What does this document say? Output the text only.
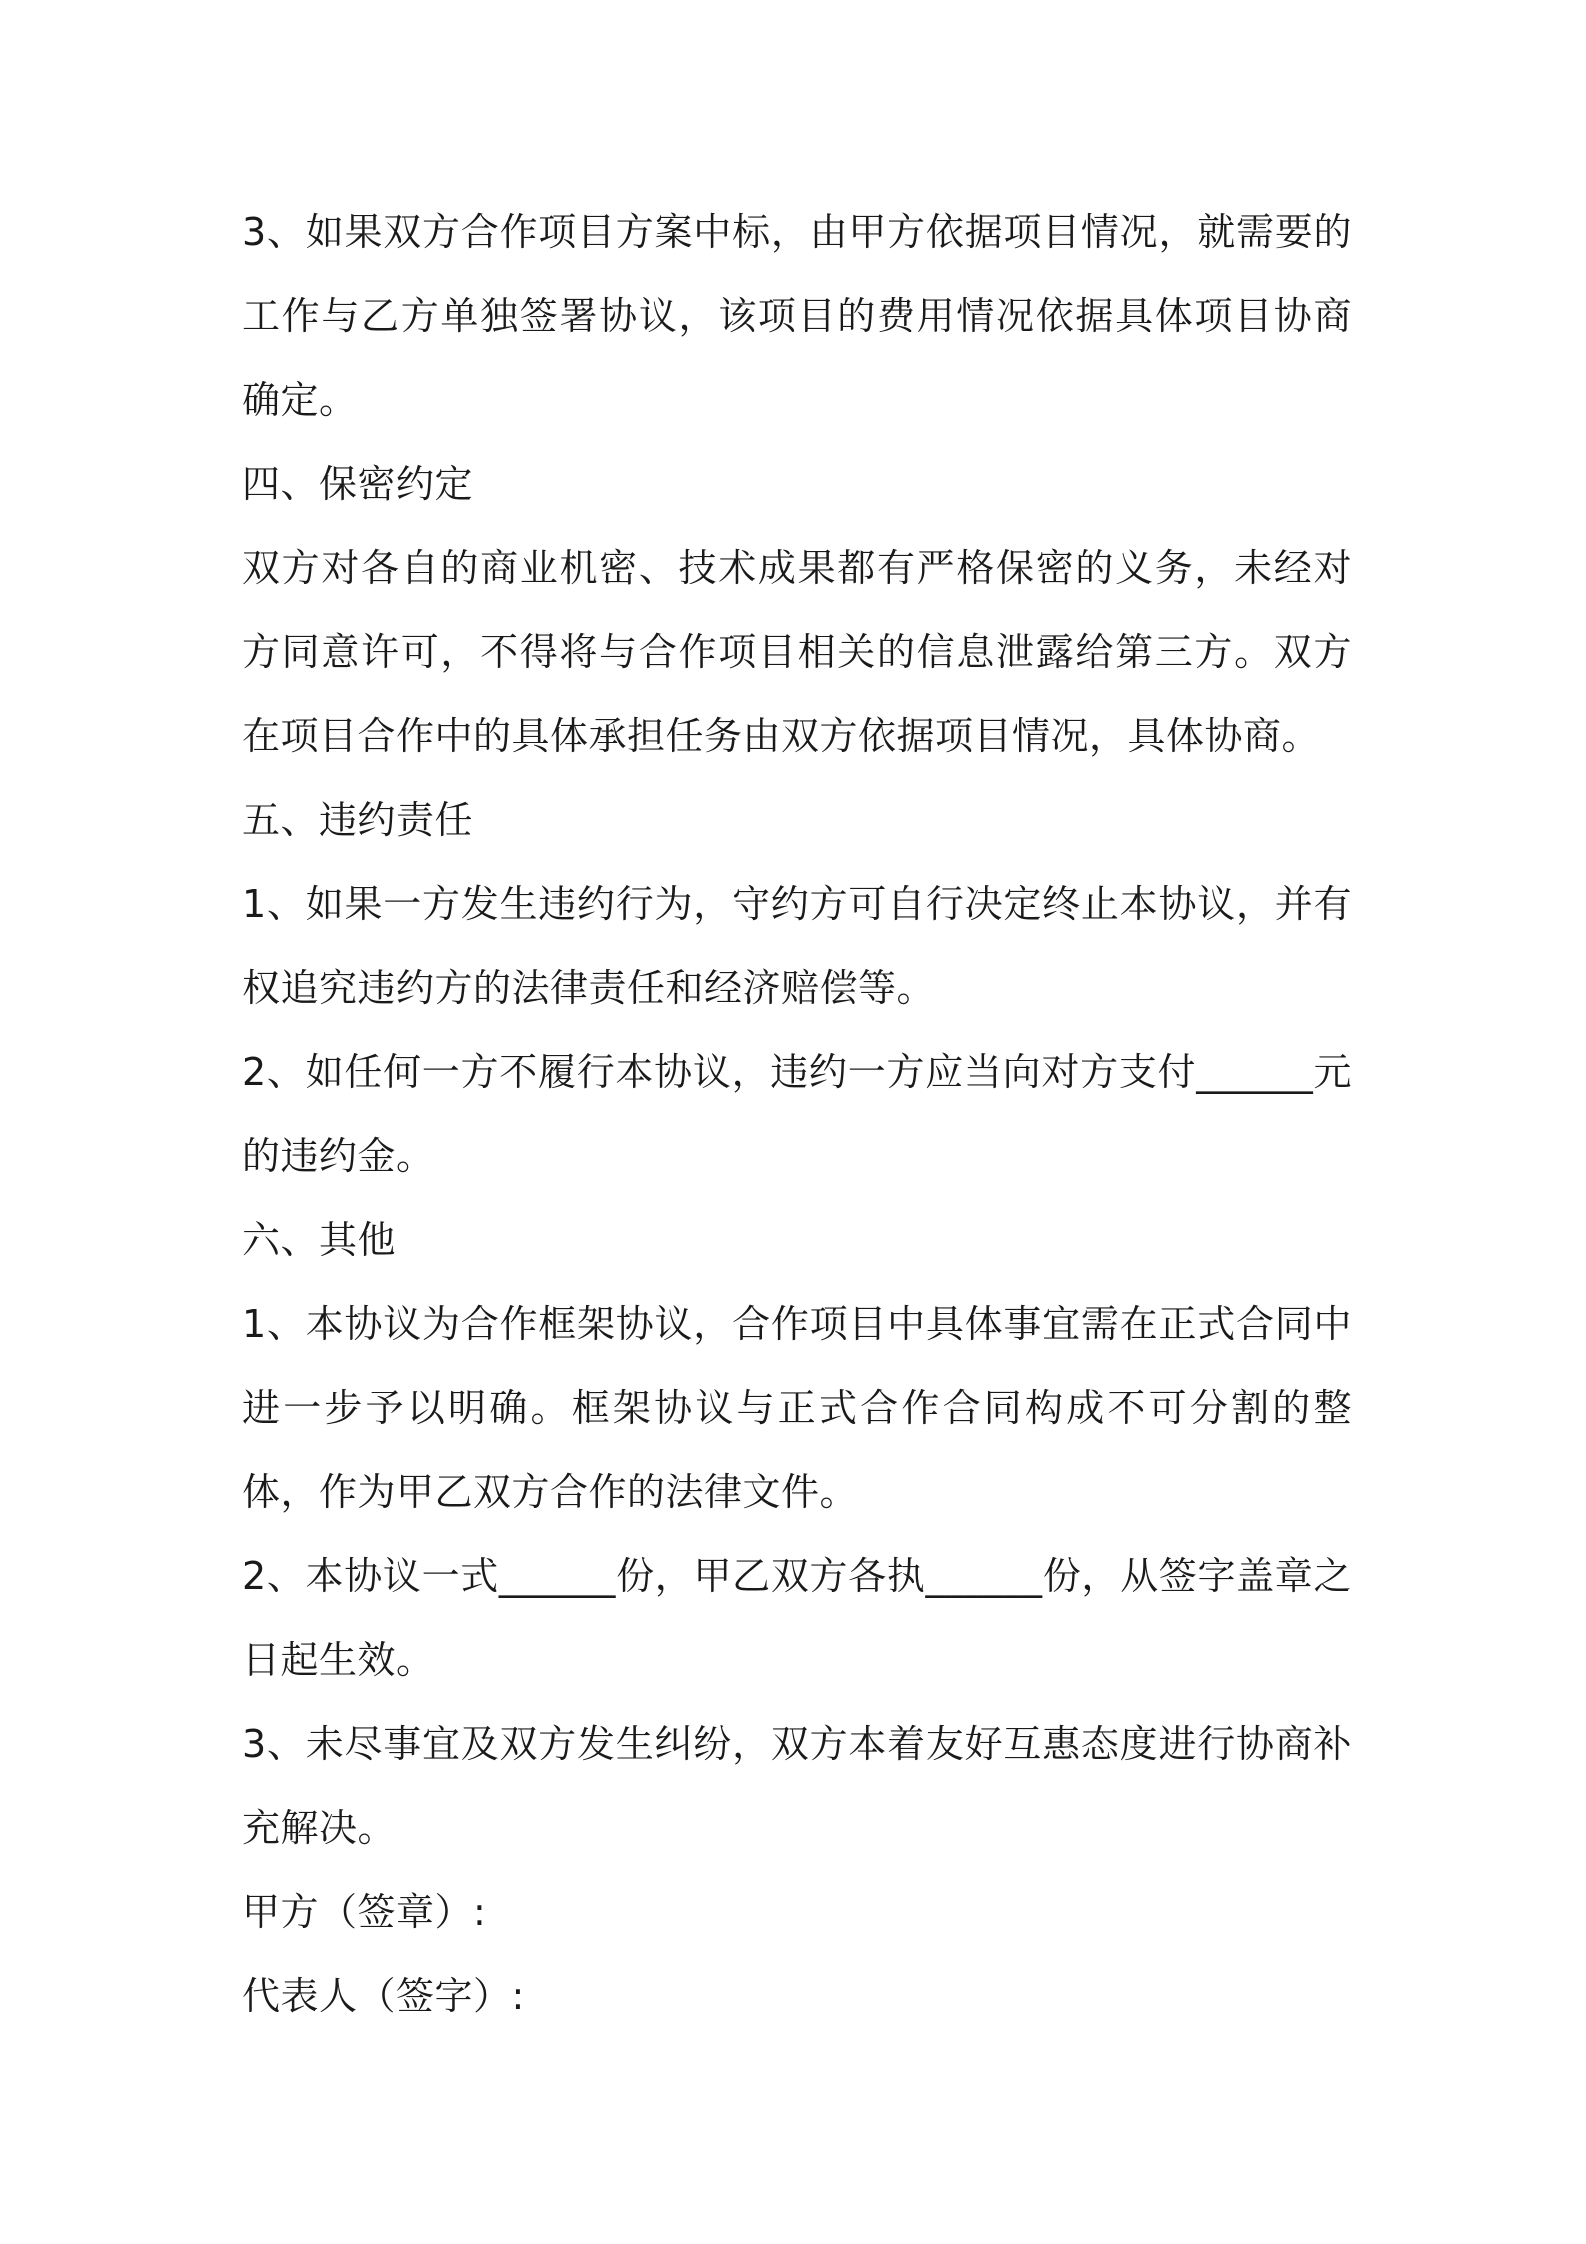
3、如果双方合作项目方案中标，由甲方依据项目情况，就需要的工作与乙方单独签署协议，该项目的费用情况依据具体项目协商确定。

四、保密约定

双方对各自的商业机密、技术成果都有严格保密的义务，未经对方同意许可，不得将与合作项目相关的信息泄露给第三方。双方在项目合作中的具体承担任务由双方依据项目情况，具体协商。

五、违约责任

1、如果一方发生违约行为，守约方可自行决定终止本协议，并有权追究违约方的法律责任和经济赔偿等。

2、如任何一方不履行本协议，违约一方应当向对方支付______元的违约金。

六、其他

1、本协议为合作框架协议，合作项目中具体事宜需在正式合同中进一步予以明确。框架协议与正式合作合同构成不可分割的整体，作为甲乙双方合作的法律文件。

2、本协议一式______份，甲乙双方各执______份，从签字盖章之日起生效。

3、未尽事宜及双方发生纠纷，双方本着友好互惠态度进行协商补充解决。

甲方（签章）:

代表人（签字）:
